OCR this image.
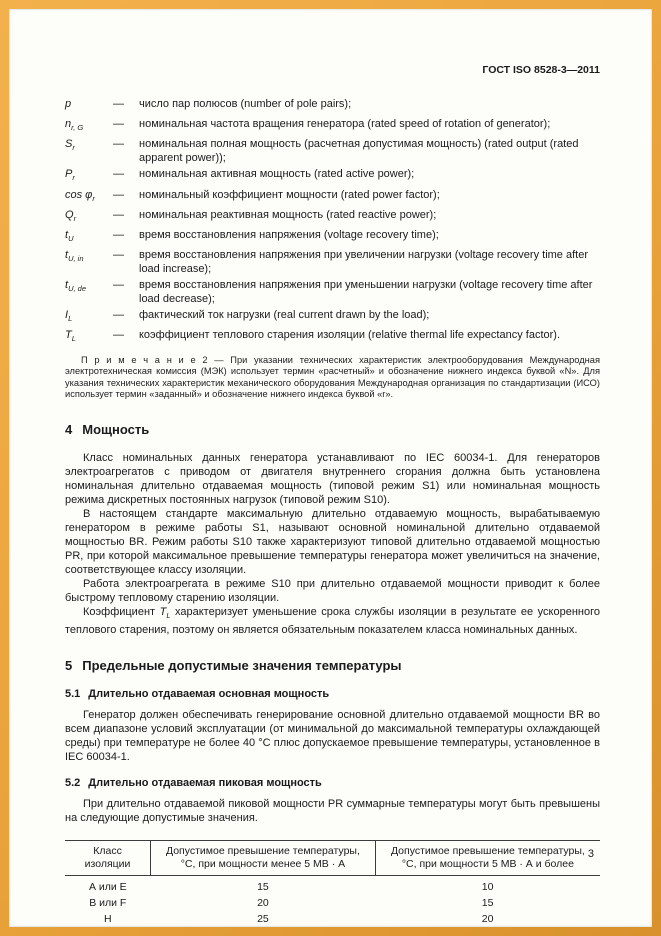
ГОСТ ISO 8528-3—2011
p	—	число пар полюсов (number of pole pairs);
$n_{r, G}$	—	номинальная частота вращения генератора (rated speed of rotation of generator);
$S_r$	—	номинальная полная мощность (расчетная допустимая мощность) (rated output (rated apparent power));
$P_r$	—	номинальная активная мощность (rated active power);
$\cos \varphi_r$	—	номинальный коэффициент мощности (rated power factor);
$Q_r$	—	номинальная реактивная мощность (rated reactive power);
$t_U$	—	время восстановления напряжения (voltage recovery time);
$t_{U, in}$	—	время восстановления напряжения при увеличении нагрузки (voltage recovery time after load increase);
$t_{U, de}$	—	время восстановления напряжения при уменьшении нагрузки (voltage recovery time after load decrease);
$I_L$	—	фактический ток нагрузки (real current drawn by the load);
$T_L$	—	коэффициент теплового старения изоляции (relative thermal life expectancy factor).
П р и м е ч а н и е 2 — При указании технических характеристик электрооборудования Международная электротехническая комиссия (МЭК) использует термин «расчетный» и обозначение нижнего индекса буквой «N». Для указания технических характеристик механического оборудования Международная организация по стандартизации (ИСО) использует термин «заданный» и обозначение нижнего индекса буквой «r».
4 Мощность

Класс номинальных данных генератора устанавливают по IEC 60034-1. Для генераторов электроагрегатов с приводом от двигателя внутреннего сгорания должна быть установлена номинальная длительно отдаваемая мощность (типовой режим S1) или номинальная мощность режима дискретных постоянных нагрузок (типовой режим S10).

В настоящем стандарте максимальную длительно отдаваемую мощность, вырабатываемую генератором в режиме работы S1, называют основной номинальной длительно отдаваемой мощностью BR. Режим работы S10 также характеризуют типовой длительно отдаваемой мощностью PR, при которой максимальное превышение температуры генератора может увеличиться на значение, соответствующее классу изоляции.

Работа электроагрегата в режиме S10 при длительно отдаваемой мощности приводит к более быстрому тепловому старению изоляции.

Коэффициент $T_L$ характеризует уменьшение срока службы изоляции в результате ее ускоренного теплового старения, поэтому он является обязательным показателем класса номинальных данных.

5 Предельные допустимые значения температуры
5.1 Длительно отдаваемая основная мощность

Генератор должен обеспечивать генерирование основной длительно отдаваемой мощности BR во всем диапазоне условий эксплуатации (от минимальной до максимальной температуры охлаждающей среды) при температуре не более 40 °С плюс допускаемое превышение температуры, установленное в IEC 60034-1.

5.2 Длительно отдаваемая пиковая мощность

При длительно отдаваемой пиковой мощности PR суммарные температуры могут быть превышены на следующие допустимые значения.

Класс изоляции	Допустимое превышение температуры, °С, при мощности менее 5 МВ · А	Допустимое превышение температуры, °С, при мощности 5 МВ · А и более
А или Е	15	10
В или F	20	15
Н	25	20
3
